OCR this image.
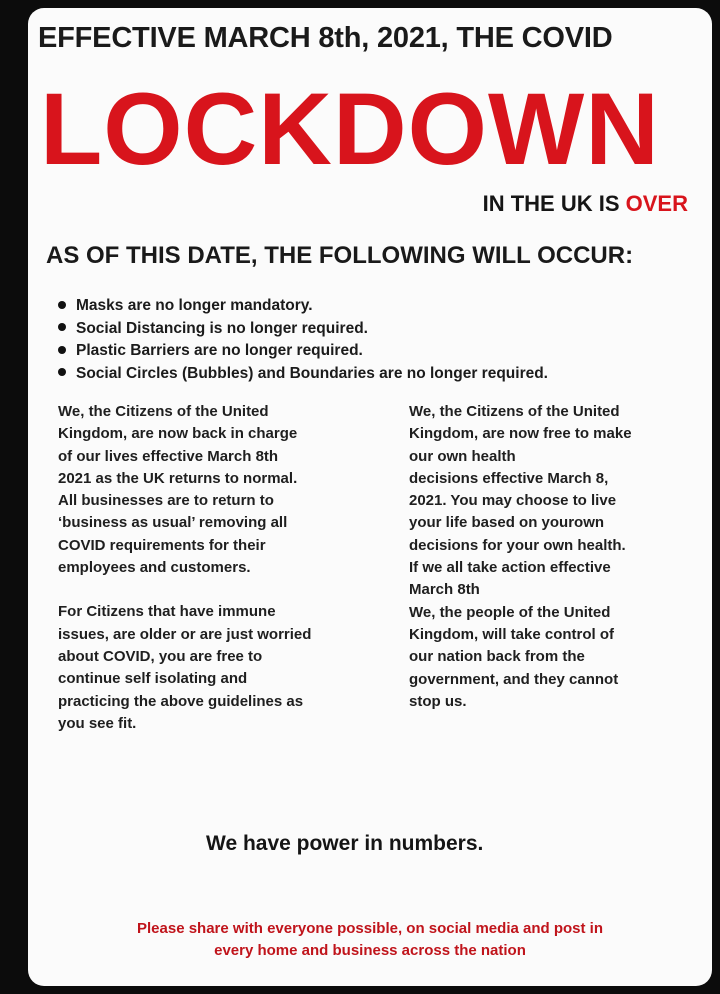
EFFECTIVE MARCH 8th, 2021, THE COVID
LOCKDOWN
IN THE UK IS OVER
AS OF THIS DATE, THE FOLLOWING WILL OCCUR:
Masks are no longer mandatory.
Social Distancing is no longer required.
Plastic Barriers are no longer required.
Social Circles (Bubbles) and Boundaries are no longer required.

We, the Citizens of the United
Kingdom, are now back in charge
of our lives effective March 8th
2021 as the UK returns to normal.
All businesses are to return to
‘business as usual’ removing all
COVID requirements for their
employees and customers.

For Citizens that have immune
issues, are older or are just worried
about COVID, you are free to
continue self isolating and
practicing the above guidelines as
you see fit.

We, the Citizens of the United
Kingdom, are now free to make
our own health
decisions effective March 8,
2021. You may choose to live
your life based on yourown
decisions for your own health.
If we all take action effective
March 8th
We, the people of the United
Kingdom, will take control of
our nation back from the
government, and they cannot
stop us.

We have power in numbers.
Please share with everyone possible, on social media and post in
every home and business across the nation
